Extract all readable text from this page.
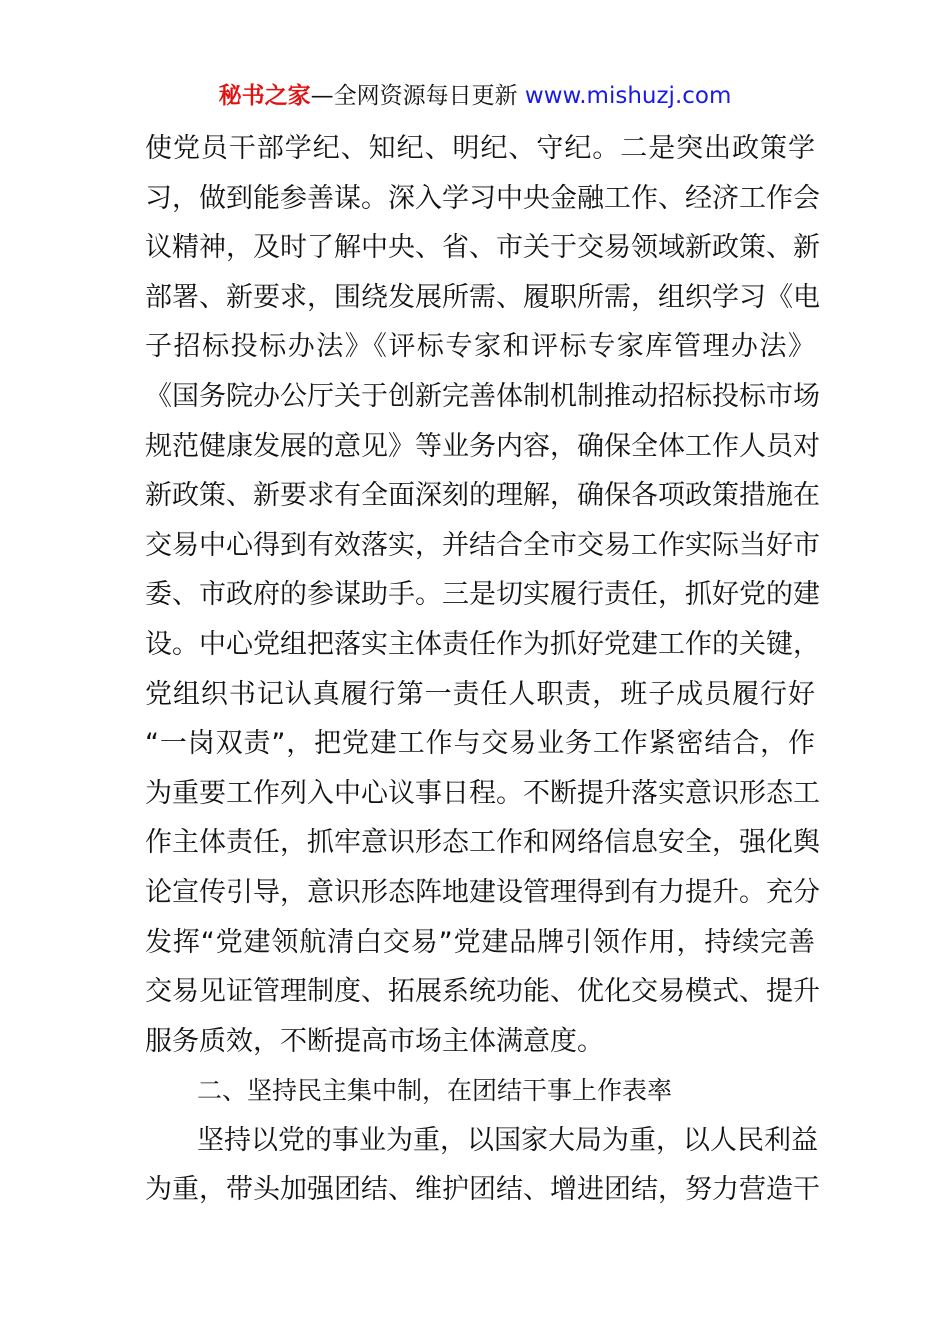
秘书之家—全网资源每日更新 www.mishuzj.com
使党员干部学纪、知纪、明纪、守纪。二是突出政策学
习，做到能参善谋。深入学习中央金融工作、经济工作会
议精神，及时了解中央、省、市关于交易领域新政策、新
部署、新要求，围绕发展所需、履职所需，组织学习《电
子招标投标办法》《评标专家和评标专家库管理办法》
《国务院办公厅关于创新完善体制机制推动招标投标市场
规范健康发展的意见》等业务内容，确保全体工作人员对
新政策、新要求有全面深刻的理解，确保各项政策措施在
交易中心得到有效落实，并结合全市交易工作实际当好市
委、市政府的参谋助手。三是切实履行责任，抓好党的建
设。中心党组把落实主体责任作为抓好党建工作的关键，
党组织书记认真履行第一责任人职责，班子成员履行好
“一岗双责”，把党建工作与交易业务工作紧密结合，作
为重要工作列入中心议事日程。不断提升落实意识形态工
作主体责任，抓牢意识形态工作和网络信息安全，强化舆
论宣传引导，意识形态阵地建设管理得到有力提升。充分
发挥“党建领航清白交易”党建品牌引领作用，持续完善
交易见证管理制度、拓展系统功能、优化交易模式、提升
服务质效，不断提高市场主体满意度。
二、坚持民主集中制，在团结干事上作表率
坚持以党的事业为重，以国家大局为重，以人民利益
为重，带头加强团结、维护团结、增进团结，努力营造干
